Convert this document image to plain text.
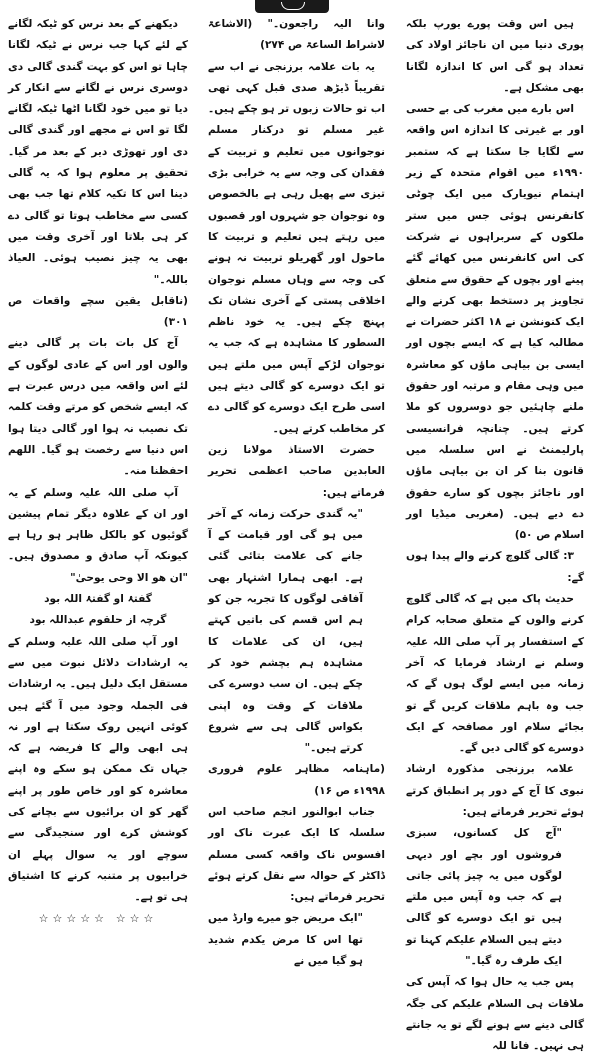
ہیں اس وقت پورے یورپ بلکہ پوری دنیا میں ان ناجائز اولاد کی تعداد ہو گی اس کا اندازہ لگانا بھی مشکل ہے۔

اس بارے میں مغرب کی بے حسی اور بے غیرتی کا اندازہ اس واقعہ سے لگایا جا سکتا ہے کہ ستمبر ۱۹۹۰ء میں اقوام متحدہ کے زیر اہتمام نیویارک میں ایک چوٹی کانفرنس ہوئی جس میں ستر ملکوں کے سربراہوں نے شرکت کی اس کانفرنس میں کھائے گئے پینے اور بچوں کے حقوق سے متعلق تجاویز پر دستخط بھی کرنے والے ایک کنونشن نے ۱۸ اکثر حضرات نے مطالبہ کیا ہے کہ ایسے بچوں اور ایسی بن بیاہی ماؤں کو معاشرہ میں وہی مقام و مرتبہ اور حقوق ملنے چاہئیں جو دوسروں کو ملا کرتے ہیں۔ چنانچہ فرانسیسی پارلیمنٹ نے اس سلسلہ میں قانون بنا کر ان بن بیاہی ماؤں اور ناجائز بچوں کو سارے حقوق دے دیے ہیں۔ (مغربی میڈیا اور اسلام ص ۵۰)

۳: گالی گلوچ کرنے والے پیدا ہوں گے:

حدیث پاک میں ہے کہ گالی گلوچ کرنے والوں کے متعلق صحابہ کرام کے استفسار پر آپ صلی اللہ علیہ وسلم نے ارشاد فرمایا کہ آخر زمانہ میں ایسے لوگ ہوں گے کہ جب وہ باہم ملاقات کریں گے تو بجائے سلام اور مصافحہ کے ایک دوسرے کو گالی دیں گے۔

علامہ برزنجی مذکورہ ارشاد نبوی کا آج کے دور پر انطباق کرتے ہوئے تحریر فرماتے ہیں:

"آج کل کسانوں، سبزی فروشوں اور بچے اور دیہی لوگوں میں یہ چیز پائی جاتی ہے کہ جب وہ آپس میں ملتے ہیں تو ایک دوسرے کو گالی دیتے ہیں السلام علیکم کہنا تو ایک طرف رہ گیا۔"

پس جب یہ حال ہوا کہ آپس کی ملاقات ہی السلام علیکم کی جگہ گالی دینے سے ہونے لگے تو یہ جانتے ہی نہیں۔ فانا للہ

وانا الیہ راجعون۔" (الاشاعۃ لاشراط الساعۃ ص ۲۷۴)

یہ بات علامہ برزنجی نے اب سے تقریباً ڈیڑھ صدی قبل کہی تھی اب تو حالات زبوں تر ہو چکے ہیں۔ غیر مسلم تو درکنار مسلم نوجوانوں میں تعلیم و تربیت کے فقدان کی وجہ سے یہ خرابی بڑی تیزی سے پھیل رہی ہے بالخصوص وہ نوجوان جو شہروں اور قصبوں میں رہتے ہیں تعلیم و تربیت کا ماحول اور گھریلو تربیت نہ ہونے کی وجہ سے وہاں مسلم نوجوان اخلاقی پستی کے آخری نشان تک پہنچ چکے ہیں۔ یہ خود ناظم السطور کا مشاہدہ ہے کہ جب یہ نوجوان لڑکے آپس میں ملتے ہیں تو ایک دوسرے کو گالی دیتے ہیں اسی طرح ایک دوسرے کو گالی دے کر مخاطب کرتے ہیں۔

حضرت الاستاذ مولانا زین العابدین صاحب اعظمی تحریر فرماتے ہیں:

"یہ گندی حرکت زمانہ کے آخر میں ہو گی اور قیامت کے آ جانے کی علامت بتائی گئی ہے۔ ابھی ہمارا اشتہار بھی آفاقی لوگوں کا تجربہ جن کو ہم اس قسم کی باتیں کہتے ہیں، ان کی علامات کا مشاہدہ ہم بچشم خود کر چکے ہیں۔ ان سب دوسرے کی ملاقات کے وقت وہ اپنی بکواس گالی ہی سے شروع کرتے ہیں۔"

(ماہنامہ مظاہر علوم فروری ۱۹۹۸ء ص ۱۶)

جناب ابوالنور انجم صاحب اس سلسلہ کا ایک عبرت ناک اور افسوس ناک واقعہ کسی مسلم ڈاکٹر کے حوالہ سے نقل کرتے ہوئے تحریر فرماتے ہیں:

"ایک مریض جو میرے وارڈ میں تھا اس کا مرض یکدم شدید ہو گیا میں نے

دیکھنے کے بعد نرس کو ٹیکہ لگانے کے لئے کہا جب نرس نے ٹیکہ لگانا چاہا تو اس کو بہت گندی گالی دی دوسری نرس نے لگانے سے انکار کر دیا تو میں خود لگانا اٹھا ٹیکہ لگانے لگا تو اس نے مجھے اور گندی گالی دی اور تھوڑی دیر کے بعد مر گیا۔ تحقیق پر معلوم ہوا کہ یہ گالی دینا اس کا تکیہ کلام تھا جب بھی کسی سے مخاطب ہوتا تو گالی دے کر ہی بلاتا اور آخری وقت میں بھی یہ چیز نصیب ہوئی۔ العیاذ باللہ۔"

(ناقابل یقین سچے واقعات ص ۳۰۱)

آج کل بات بات پر گالی دینے والوں اور اس کے عادی لوگوں کے لئے اس واقعہ میں درس عبرت ہے کہ ایسے شخص کو مرتے وقت کلمہ تک نصیب نہ ہوا اور گالی دیتا ہوا اس دنیا سے رخصت ہو گیا۔ اللھم احفظنا منہ۔

آپ صلی اللہ علیہ وسلم کے یہ اور ان کے علاوہ دیگر تمام پیشین گوئیوں کو بالکل ظاہر ہو رہا ہے کیونکہ آپ صادق و مصدوق ہیں۔ "ان ھو الا وحی یوحیٰ"

گفتۂ او گفتۂ اللہ بود

گرچہ از حلقوم عبداللہ بود

اور آپ صلی اللہ علیہ وسلم کے یہ ارشادات دلائل نبوت میں سے مستقل ایک دلیل ہیں۔ یہ ارشادات فی الجملہ وجود میں آ گئے ہیں کوئی انہیں روک سکتا ہے اور نہ ہی ابھی والے کا فریضہ ہے کہ جہاں تک ممکن ہو سکے وہ اپنے معاشرہ کو اور خاص طور پر اپنے گھر کو ان برائیوں سے بچانے کی کوشش کرے اور سنجیدگی سے سوچے اور یہ سوال پہلے ان خرابیوں پر متنبہ کرنے کا اشتیاق ہی تو ہے۔

☆☆☆ ☆☆☆☆☆
